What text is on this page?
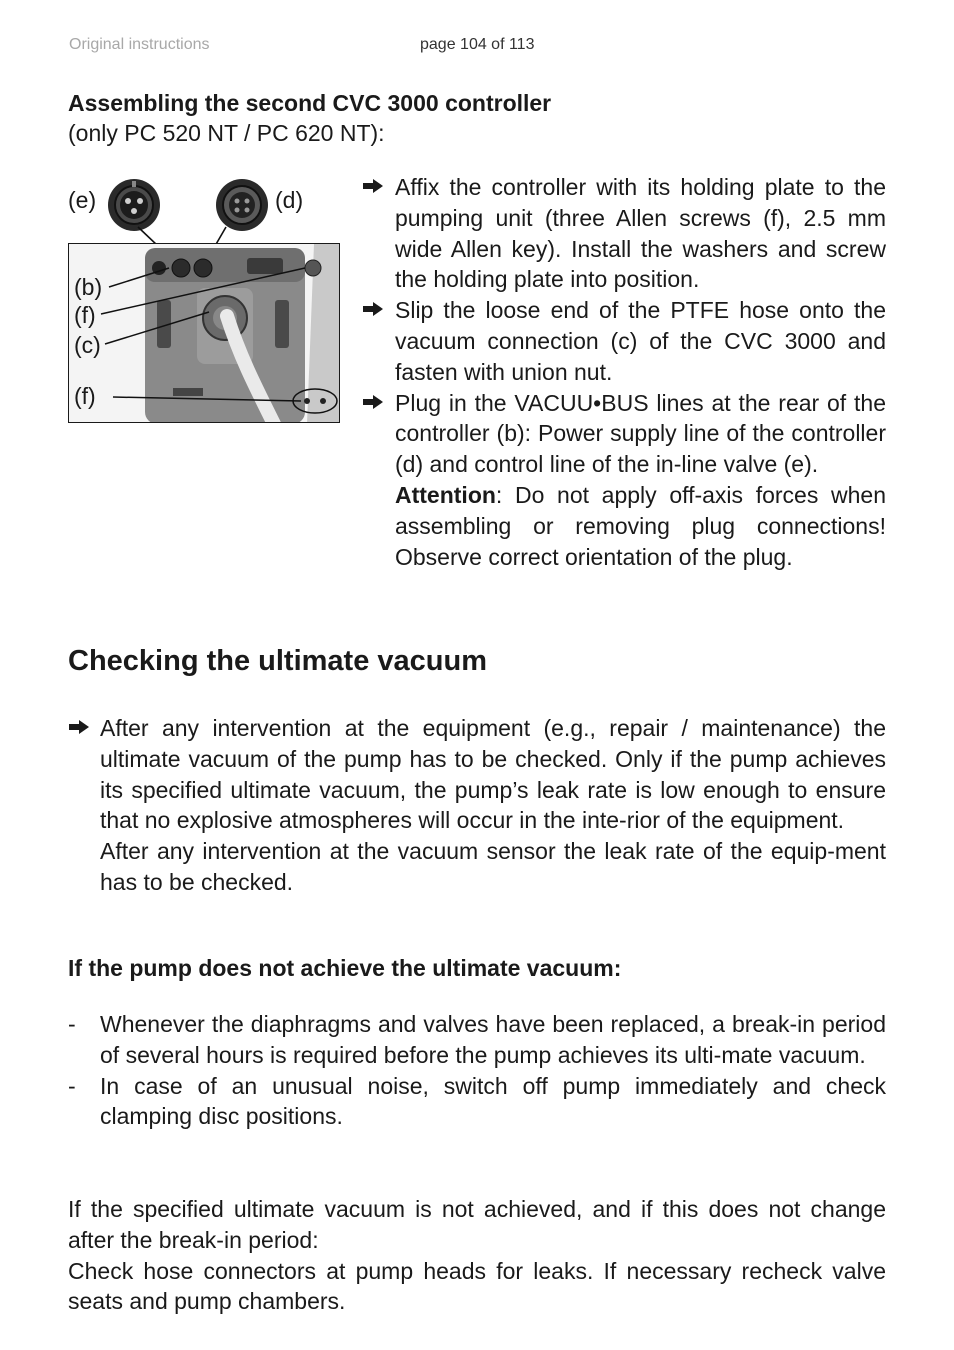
Original instructions	page 104 of 113
Assembling the second CVC 3000 controller
(only PC 520 NT / PC 620 NT):
(e)	(d)
(b)
(f)
(c)
(f)
Affix the controller with its holding plate to the pumping unit (three Allen screws (f), 2.5 mm wide Allen key). Install the washers and screw the holding plate into position.
Slip the loose end of the PTFE hose onto the vacuum connection (c) of the CVC 3000 and fasten with union nut.
Plug in the VACUU•BUS lines at the rear of the controller (b): Power supply line of the controller (d) and control line of the in-line valve (e).
Attention: Do not apply off-axis forces when assembling or removing plug connections! Observe correct orientation of the plug.
Checking the ultimate vacuum
After any intervention at the equipment (e.g., repair / maintenance) the ultimate vacuum of the pump has to be checked. Only if the pump achieves its specified ultimate vacuum, the pump’s leak rate is low enough to ensure that no explosive atmospheres will occur in the inte-rior of the equipment.
After any intervention at the vacuum sensor the leak rate of the equip-ment has to be checked.
If the pump does not achieve the ultimate vacuum:
- Whenever the diaphragms and valves have been replaced, a break-in period of several hours is required before the pump achieves its ulti-mate vacuum.
- In case of an unusual noise, switch off pump immediately and check clamping disc positions.
If the specified ultimate vacuum is not achieved, and if this does not change after the break-in period:
Check hose connectors at pump heads for leaks. If necessary recheck valve seats and pump chambers.
